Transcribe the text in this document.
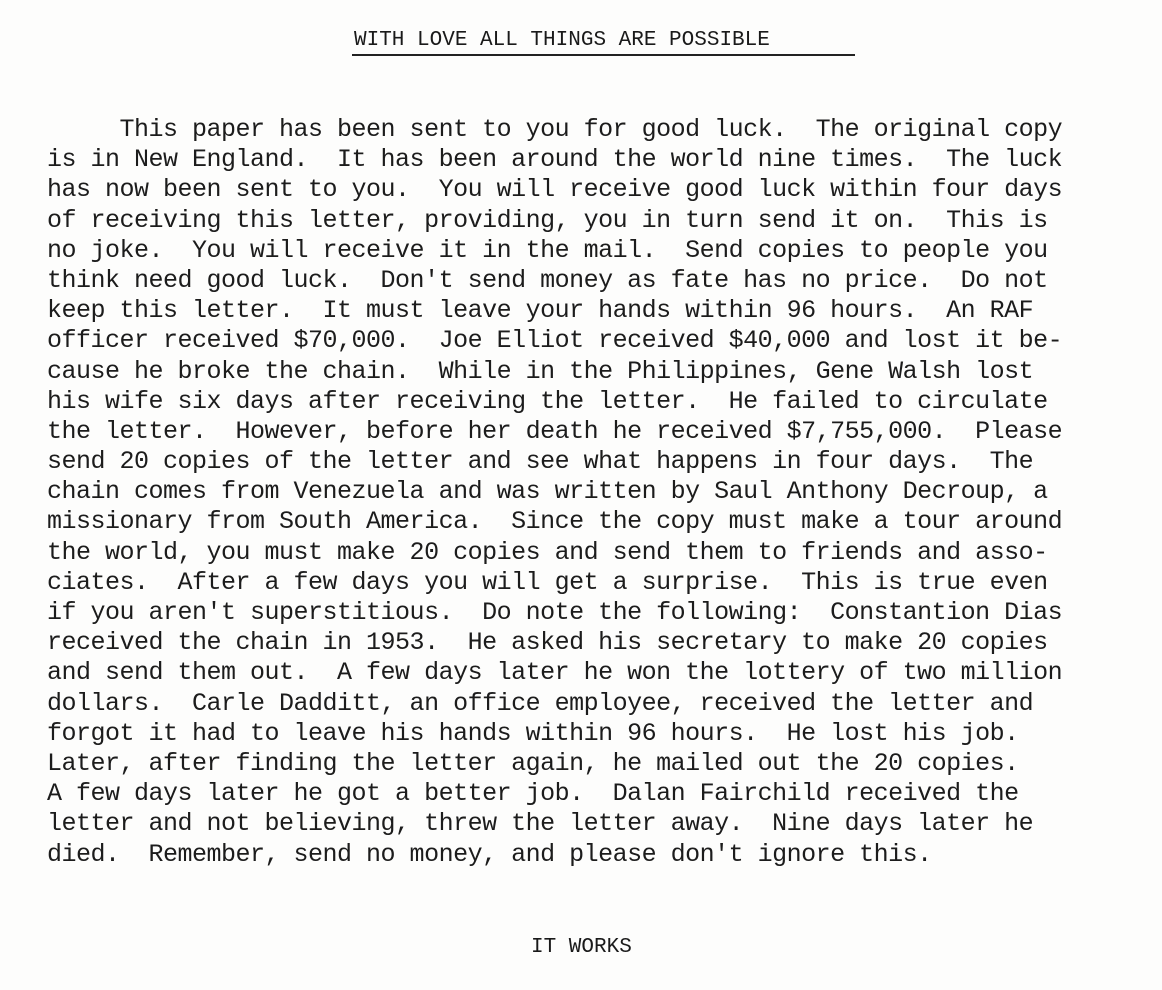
WITH LOVE ALL THINGS ARE POSSIBLE
This paper has been sent to you for good luck.  The original copy
is in New England.  It has been around the world nine times.  The luck
has now been sent to you.  You will receive good luck within four days
of receiving this letter, providing, you in turn send it on.  This is
no joke.  You will receive it in the mail.  Send copies to people you
think need good luck.  Don't send money as fate has no price.  Do not
keep this letter.  It must leave your hands within 96 hours.  An RAF
officer received $70,000.  Joe Elliot received $40,000 and lost it be-
cause he broke the chain.  While in the Philippines, Gene Walsh lost
his wife six days after receiving the letter.  He failed to circulate
the letter.  However, before her death he received $7,755,000.  Please
send 20 copies of the letter and see what happens in four days.  The
chain comes from Venezuela and was written by Saul Anthony Decroup, a
missionary from South America.  Since the copy must make a tour around
the world, you must make 20 copies and send them to friends and asso-
ciates.  After a few days you will get a surprise.  This is true even
if you aren't superstitious.  Do note the following:  Constantion Dias
received the chain in 1953.  He asked his secretary to make 20 copies
and send them out.  A few days later he won the lottery of two million
dollars.  Carle Dadditt, an office employee, received the letter and
forgot it had to leave his hands within 96 hours.  He lost his job.
Later, after finding the letter again, he mailed out the 20 copies.
A few days later he got a better job.  Dalan Fairchild received the
letter and not believing, threw the letter away.  Nine days later he
died.  Remember, send no money, and please don't ignore this.
IT WORKS
